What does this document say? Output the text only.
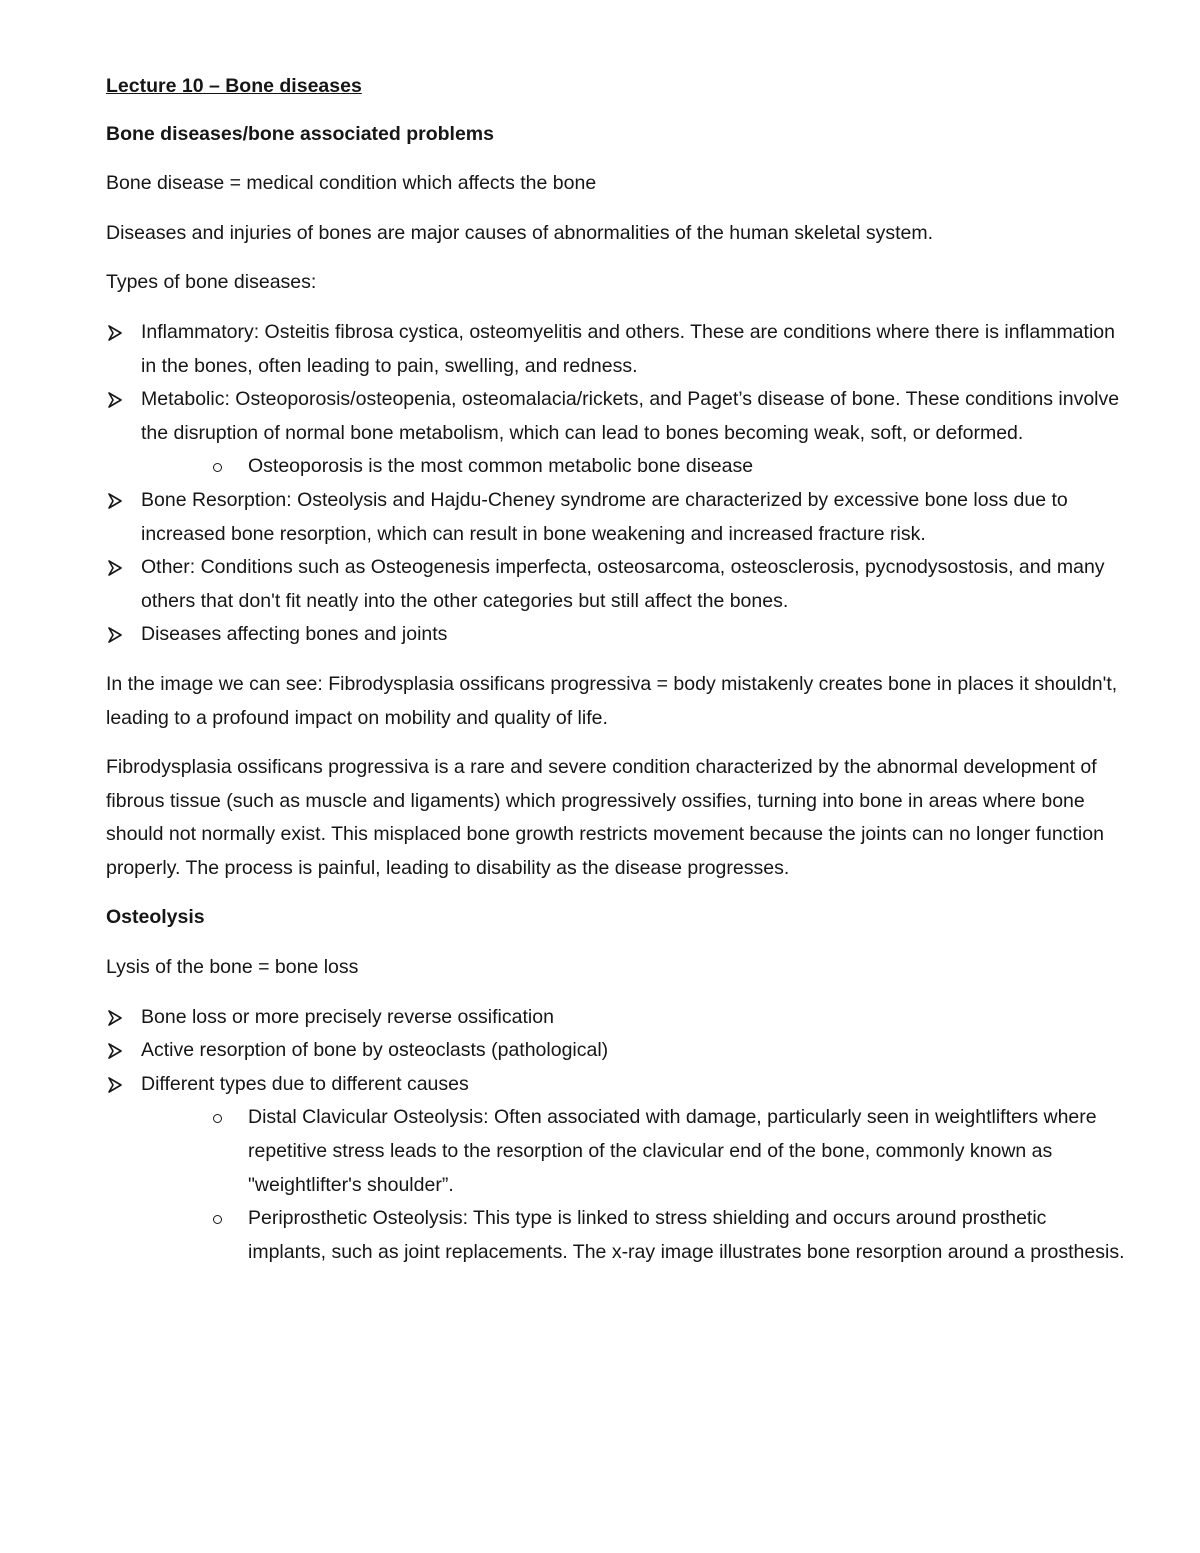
Lecture 10 – Bone diseases

Bone diseases/bone associated problems

Bone disease = medical condition which affects the bone

Diseases and injuries of bones are major causes of abnormalities of the human skeletal system.

Types of bone diseases:

Inflammatory: Osteitis fibrosa cystica, osteomyelitis and others. These are conditions where there is inflammation in the bones, often leading to pain, swelling, and redness.
Metabolic: Osteoporosis/osteopenia, osteomalacia/rickets, and Paget’s disease of bone. These conditions involve the disruption of normal bone metabolism, which can lead to bones becoming weak, soft, or deformed.
Osteoporosis is the most common metabolic bone disease
Bone Resorption: Osteolysis and Hajdu-Cheney syndrome are characterized by excessive bone loss due to increased bone resorption, which can result in bone weakening and increased fracture risk.
Other: Conditions such as Osteogenesis imperfecta, osteosarcoma, osteosclerosis, pycnodysostosis, and many others that don't fit neatly into the other categories but still affect the bones.
Diseases affecting bones and joints

In the image we can see: Fibrodysplasia ossificans progressiva = body mistakenly creates bone in places it shouldn't, leading to a profound impact on mobility and quality of life.

Fibrodysplasia ossificans progressiva is a rare and severe condition characterized by the abnormal development of fibrous tissue (such as muscle and ligaments) which progressively ossifies, turning into bone in areas where bone should not normally exist. This misplaced bone growth restricts movement because the joints can no longer function properly. The process is painful, leading to disability as the disease progresses.

Osteolysis

Lysis of the bone = bone loss

Bone loss or more precisely reverse ossification
Active resorption of bone by osteoclasts (pathological)
Different types due to different causes
Distal Clavicular Osteolysis: Often associated with damage, particularly seen in weightlifters where repetitive stress leads to the resorption of the clavicular end of the bone, commonly known as "weightlifter's shoulder”.
Periprosthetic Osteolysis: This type is linked to stress shielding and occurs around prosthetic implants, such as joint replacements. The x-ray image illustrates bone resorption around a prosthesis.
